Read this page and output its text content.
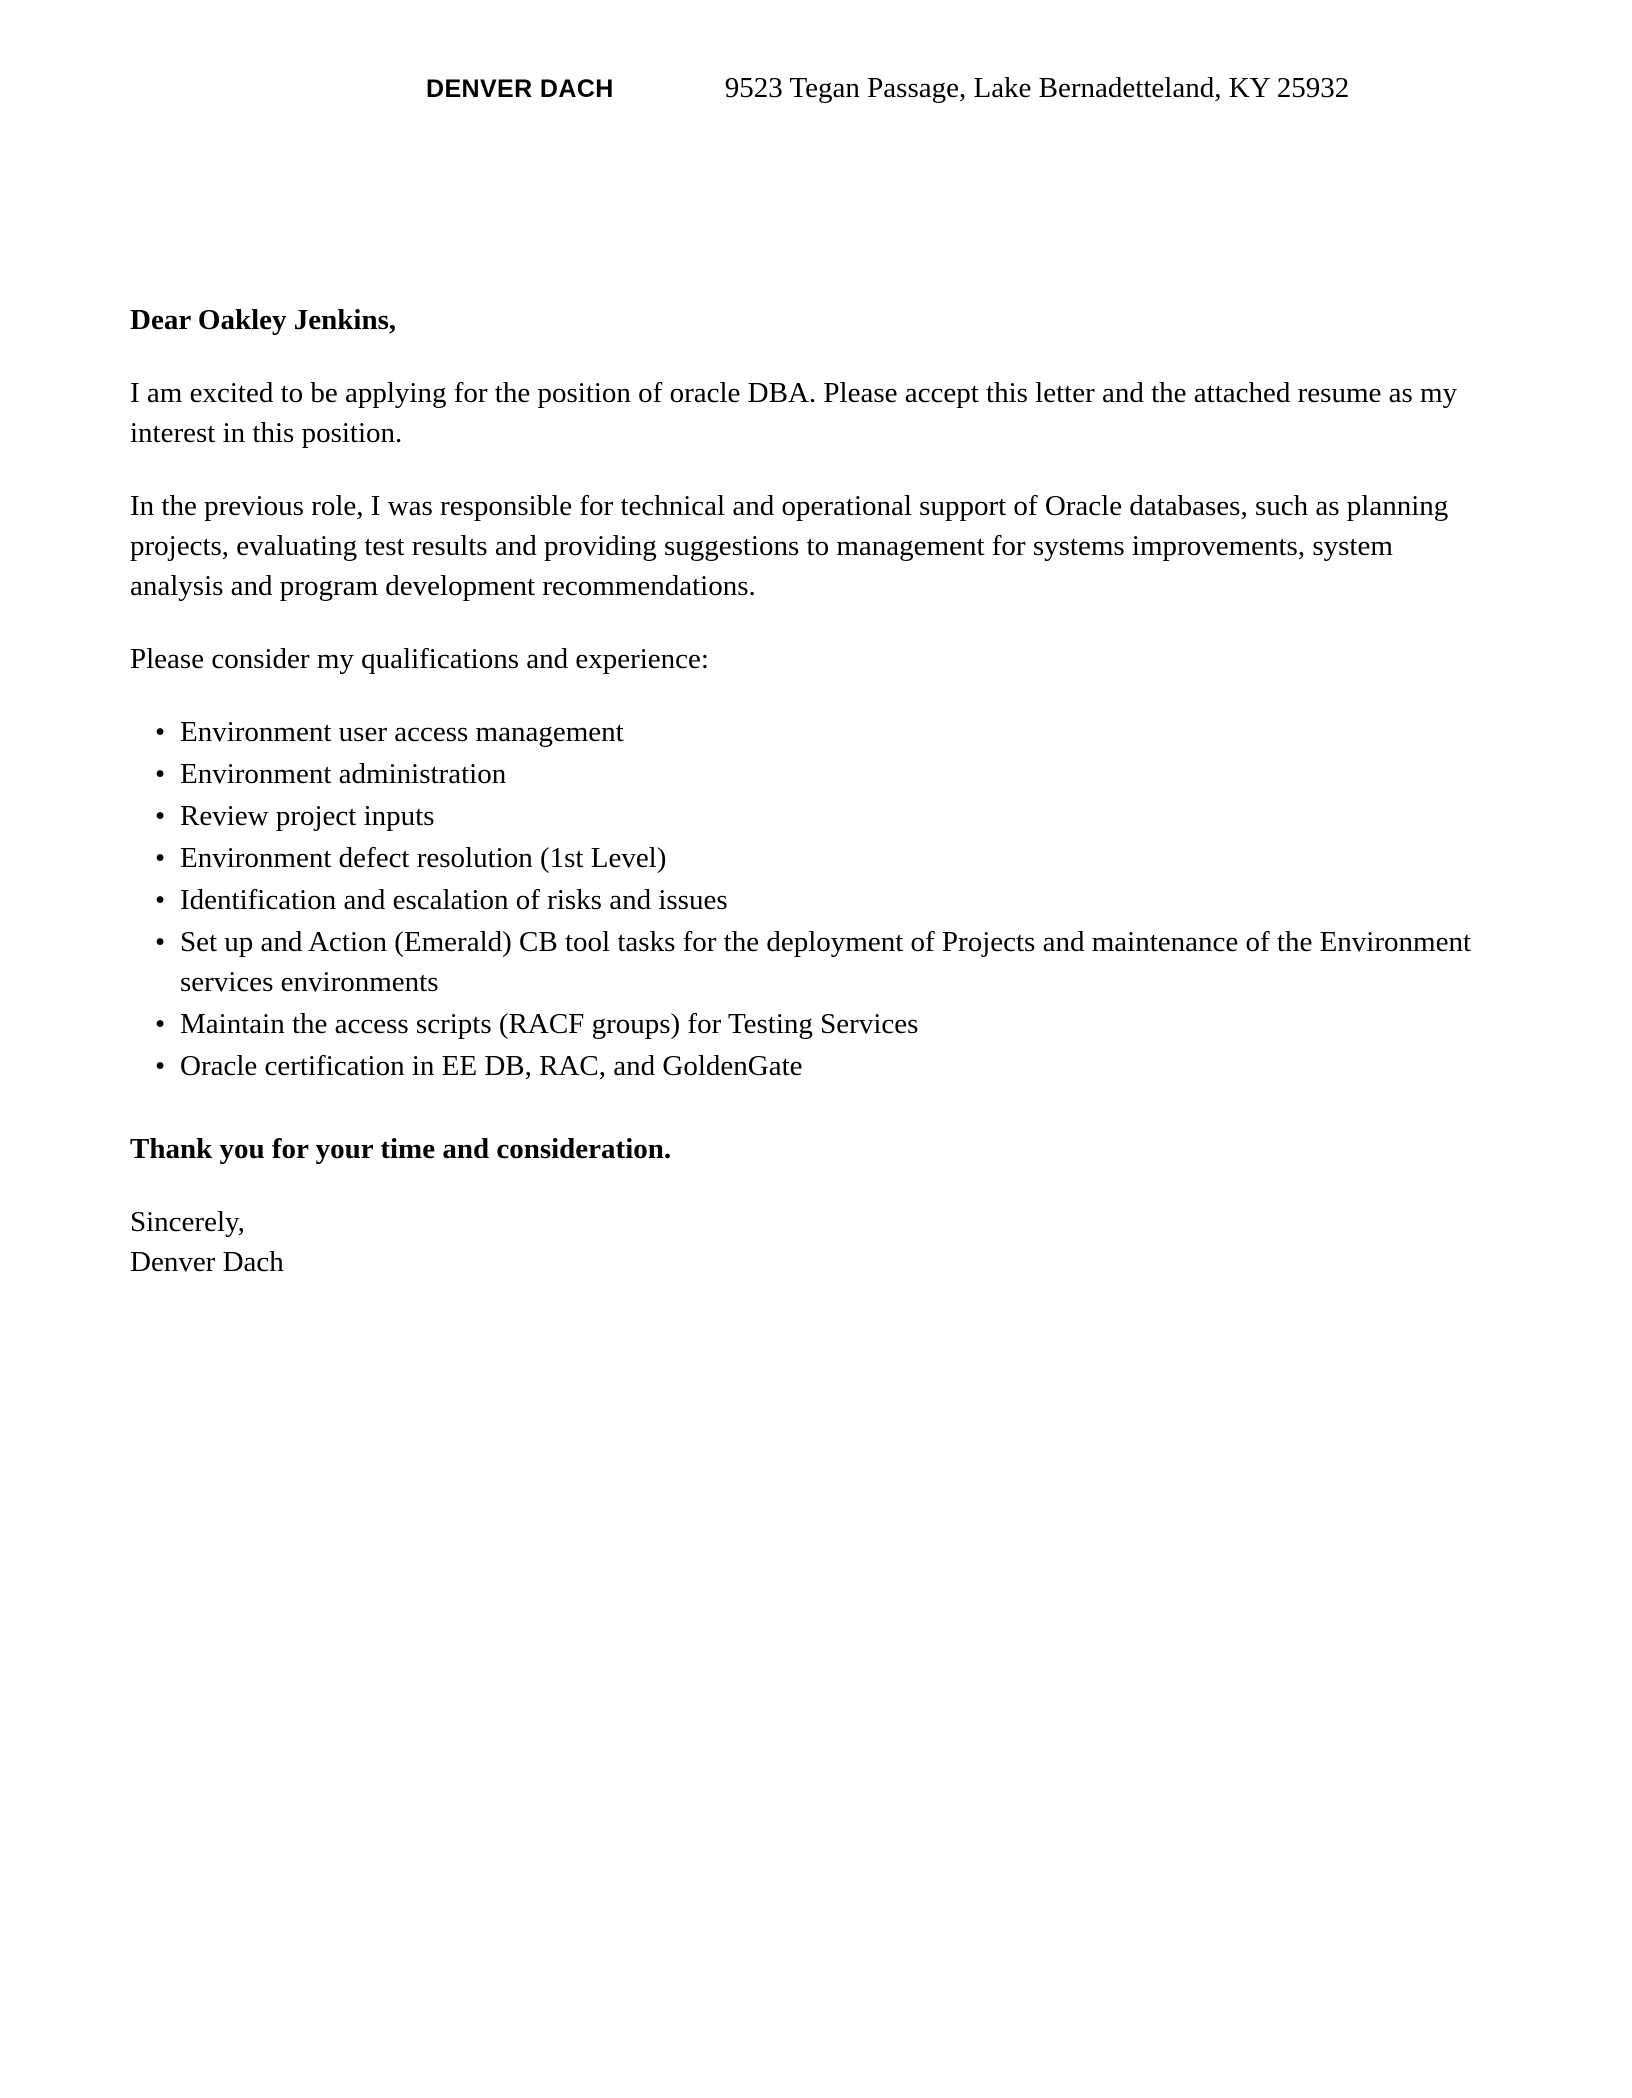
DENVER DACH	9523 Tegan Passage, Lake Bernadetteland, KY 25932

Dear Oakley Jenkins,

I am excited to be applying for the position of oracle DBA. Please accept this letter and the attached resume as my interest in this position.

In the previous role, I was responsible for technical and operational support of Oracle databases, such as planning projects, evaluating test results and providing suggestions to management for systems improvements, system analysis and program development recommendations.

Please consider my qualifications and experience:

• Environment user access management
• Environment administration
• Review project inputs
• Environment defect resolution (1st Level)
• Identification and escalation of risks and issues
• Set up and Action (Emerald) CB tool tasks for the deployment of Projects and maintenance of the Environment services environments
• Maintain the access scripts (RACF groups) for Testing Services
• Oracle certification in EE DB, RAC, and GoldenGate

Thank you for your time and consideration.

Sincerely,
Denver Dach
